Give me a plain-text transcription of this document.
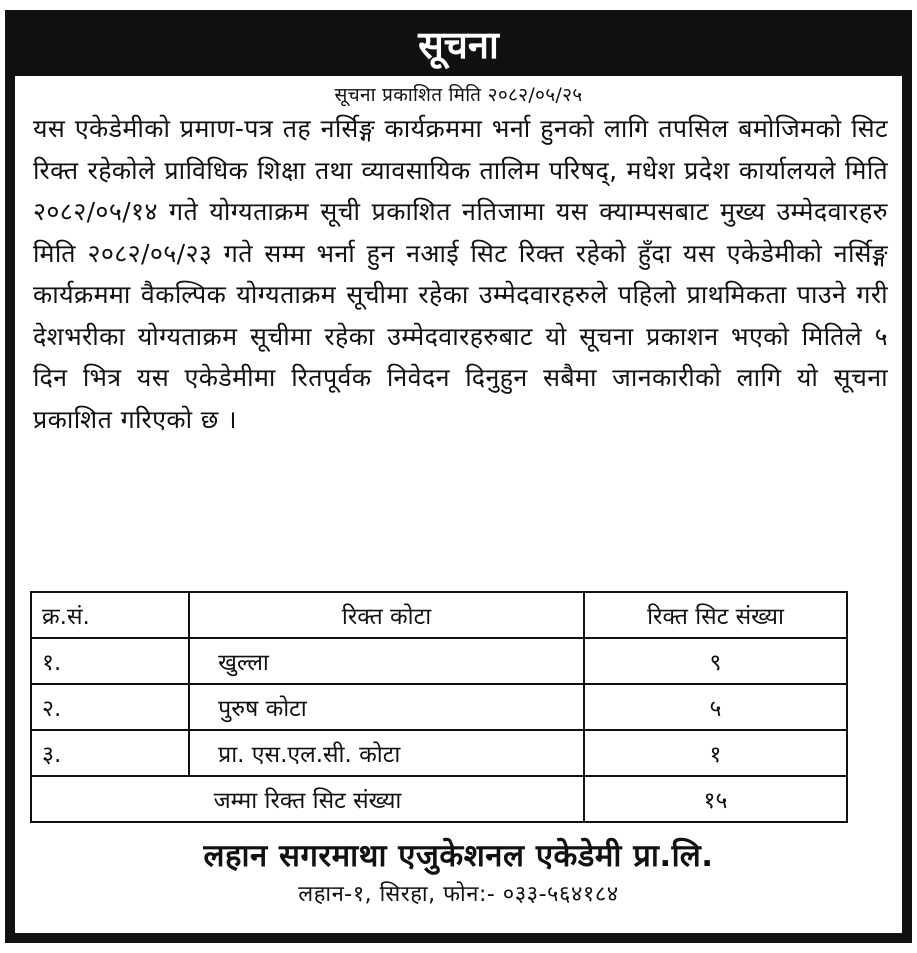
सूचना
सूचना प्रकाशित मिति २०८२/०५/२५
यस एकेडेमीको प्रमाण-पत्र तह नर्सिङ्ग कार्यक्रममा भर्ना हुनको लागि तपसिल बमोजिमको सिट रिक्त रहेकोले प्राविधिक शिक्षा तथा व्यावसायिक तालिम परिषद्, मधेश प्रदेश कार्यालयले मिति २०८२/०५/१४ गते योग्यताक्रम सूची प्रकाशित नतिजामा यस क्याम्पसबाट मुख्य उम्मेदवारहरु मिति २०८२/०५/२३ गते सम्म भर्ना हुन नआई सिट रिक्त रहेको हुँदा यस एकेडेमीको नर्सिङ्ग कार्यक्रममा वैकल्पिक योग्यताक्रम सूचीमा रहेका उम्मेदवारहरुले पहिलो प्राथमिकता पाउने गरी देशभरीका योग्यताक्रम सूचीमा रहेका उम्मेदवारहरुबाट यो सूचना प्रकाशन भएको मितिले ५ दिन भित्र यस एकेडेमीमा रितपूर्वक निवेदन दिनुहुन सबैमा जानकारीको लागि यो सूचना प्रकाशित गरिएको छ ।
क्र.सं.	रिक्त कोटा	रिक्त सिट संख्या
१.	खुल्ला	९
२.	पुरुष कोटा	५
३.	प्रा. एस.एल.सी. कोटा	१
जम्मा रिक्त सिट संख्या		१५
लहान सगरमाथा एजुकेशनल एकेडेमी प्रा.लि.
लहान-१, सिरहा, फोन:- ०३३-५६४१८४
